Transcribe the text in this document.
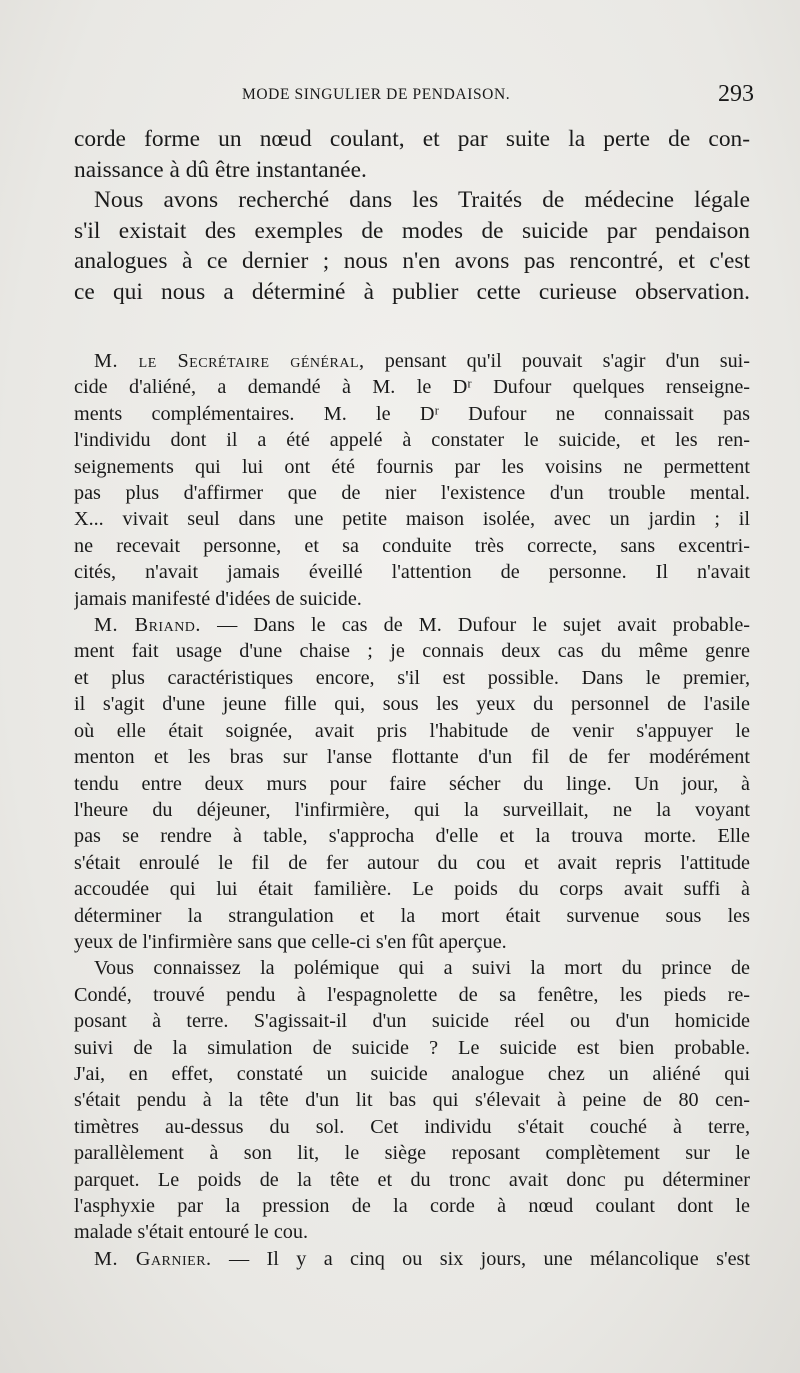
MODE SINGULIER DE PENDAISON.	293
corde forme un nœud coulant, et par suite la perte de con-
naissance à dû être instantanée.
Nous avons recherché dans les Traités de médecine légale
s'il existait des exemples de modes de suicide par pendaison
analogues à ce dernier ; nous n'en avons pas rencontré, et c'est
ce qui nous a déterminé à publier cette curieuse observation.
M. le Secrétaire général, pensant qu'il pouvait s'agir d'un sui-
cide d'aliéné, a demandé à M. le Dʳ Dufour quelques renseigne-
ments complémentaires. M. le Dʳ Dufour ne connaissait pas
l'individu dont il a été appelé à constater le suicide, et les ren-
seignements qui lui ont été fournis par les voisins ne permettent
pas plus d'affirmer que de nier l'existence d'un trouble mental.
X... vivait seul dans une petite maison isolée, avec un jardin ; il
ne recevait personne, et sa conduite très correcte, sans excentri-
cités, n'avait jamais éveillé l'attention de personne. Il n'avait
jamais manifesté d'idées de suicide.
M. Briand. — Dans le cas de M. Dufour le sujet avait probable-
ment fait usage d'une chaise ; je connais deux cas du même genre
et plus caractéristiques encore, s'il est possible. Dans le premier,
il s'agit d'une jeune fille qui, sous les yeux du personnel de l'asile
où elle était soignée, avait pris l'habitude de venir s'appuyer le
menton et les bras sur l'anse flottante d'un fil de fer modérément
tendu entre deux murs pour faire sécher du linge. Un jour, à
l'heure du déjeuner, l'infirmière, qui la surveillait, ne la voyant
pas se rendre à table, s'approcha d'elle et la trouva morte. Elle
s'était enroulé le fil de fer autour du cou et avait repris l'attitude
accoudée qui lui était familière. Le poids du corps avait suffi à
déterminer la strangulation et la mort était survenue sous les
yeux de l'infirmière sans que celle-ci s'en fût aperçue.
Vous connaissez la polémique qui a suivi la mort du prince de
Condé, trouvé pendu à l'espagnolette de sa fenêtre, les pieds re-
posant à terre. S'agissait-il d'un suicide réel ou d'un homicide
suivi de la simulation de suicide ? Le suicide est bien probable.
J'ai, en effet, constaté un suicide analogue chez un aliéné qui
s'était pendu à la tête d'un lit bas qui s'élevait à peine de 80 cen-
timètres au-dessus du sol. Cet individu s'était couché à terre,
parallèlement à son lit, le siège reposant complètement sur le
parquet. Le poids de la tête et du tronc avait donc pu déterminer
l'asphyxie par la pression de la corde à nœud coulant dont le
malade s'était entouré le cou.
M. Garnier. — Il y a cinq ou six jours, une mélancolique s'est
